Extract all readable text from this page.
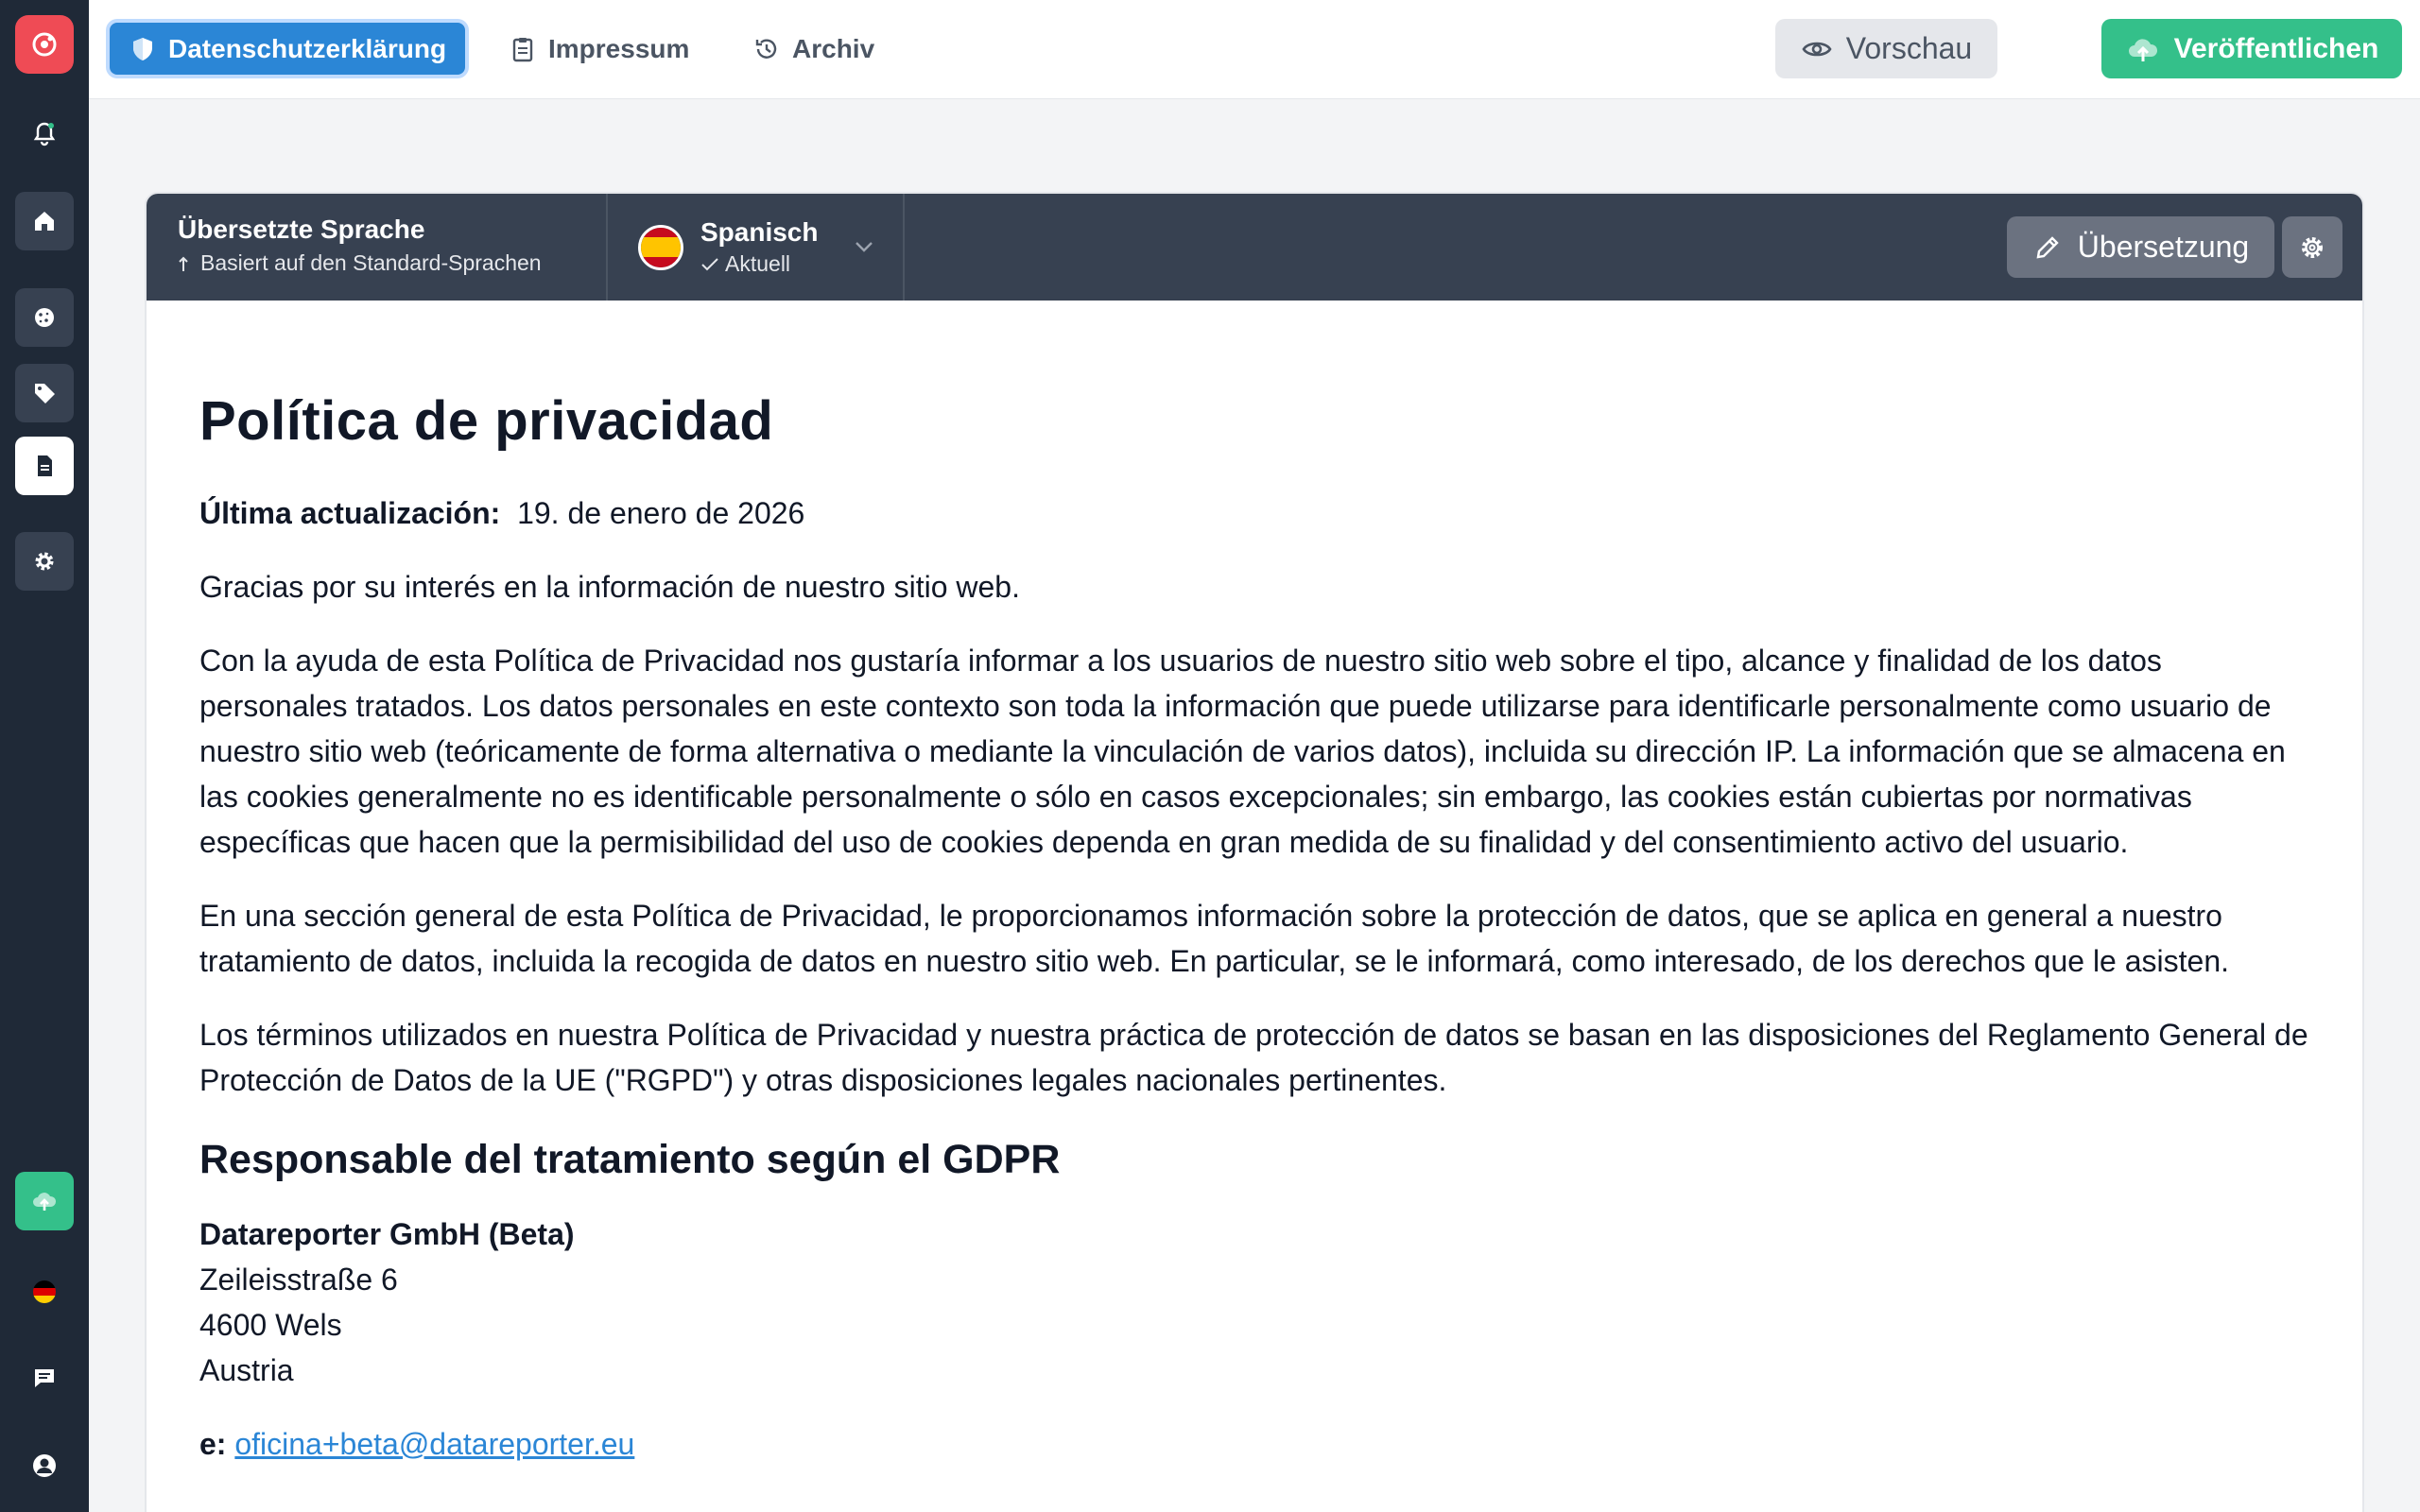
Datenschutzerklärung	Impressum	Archiv	Vorschau	Veröffentlichen
Übersetzte Sprache
Basiert auf den Standard-Sprachen
Spanisch
Aktuell	Übersetzung
Política de privacidad

Última actualización: 19. de enero de 2026

Gracias por su interés en la información de nuestro sitio web.

Con la ayuda de esta Política de Privacidad nos gustaría informar a los usuarios de nuestro sitio web sobre el tipo, alcance y finalidad de los datos personales tratados. Los datos personales en este contexto son toda la información que puede utilizarse para identificarle personalmente como usuario de nuestro sitio web (teóricamente de forma alternativa o mediante la vinculación de varios datos), incluida su dirección IP. La información que se almacena en las cookies generalmente no es identificable personalmente o sólo en casos excepcionales; sin embargo, las cookies están cubiertas por normativas específicas que hacen que la permisibilidad del uso de cookies dependa en gran medida de su finalidad y del consentimiento activo del usuario.

En una sección general de esta Política de Privacidad, le proporcionamos información sobre la protección de datos, que se aplica en general a nuestro tratamiento de datos, incluida la recogida de datos en nuestro sitio web. En particular, se le informará, como interesado, de los derechos que le asisten.

Los términos utilizados en nuestra Política de Privacidad y nuestra práctica de protección de datos se basan en las disposiciones del Reglamento General de Protección de Datos de la UE ("RGPD") y otras disposiciones legales nacionales pertinentes.

Responsable del tratamiento según el GDPR
Datareporter GmbH (Beta)
Zeileisstraße 6
4600 Wels
Austria

e: oficina+beta@datareporter.eu
